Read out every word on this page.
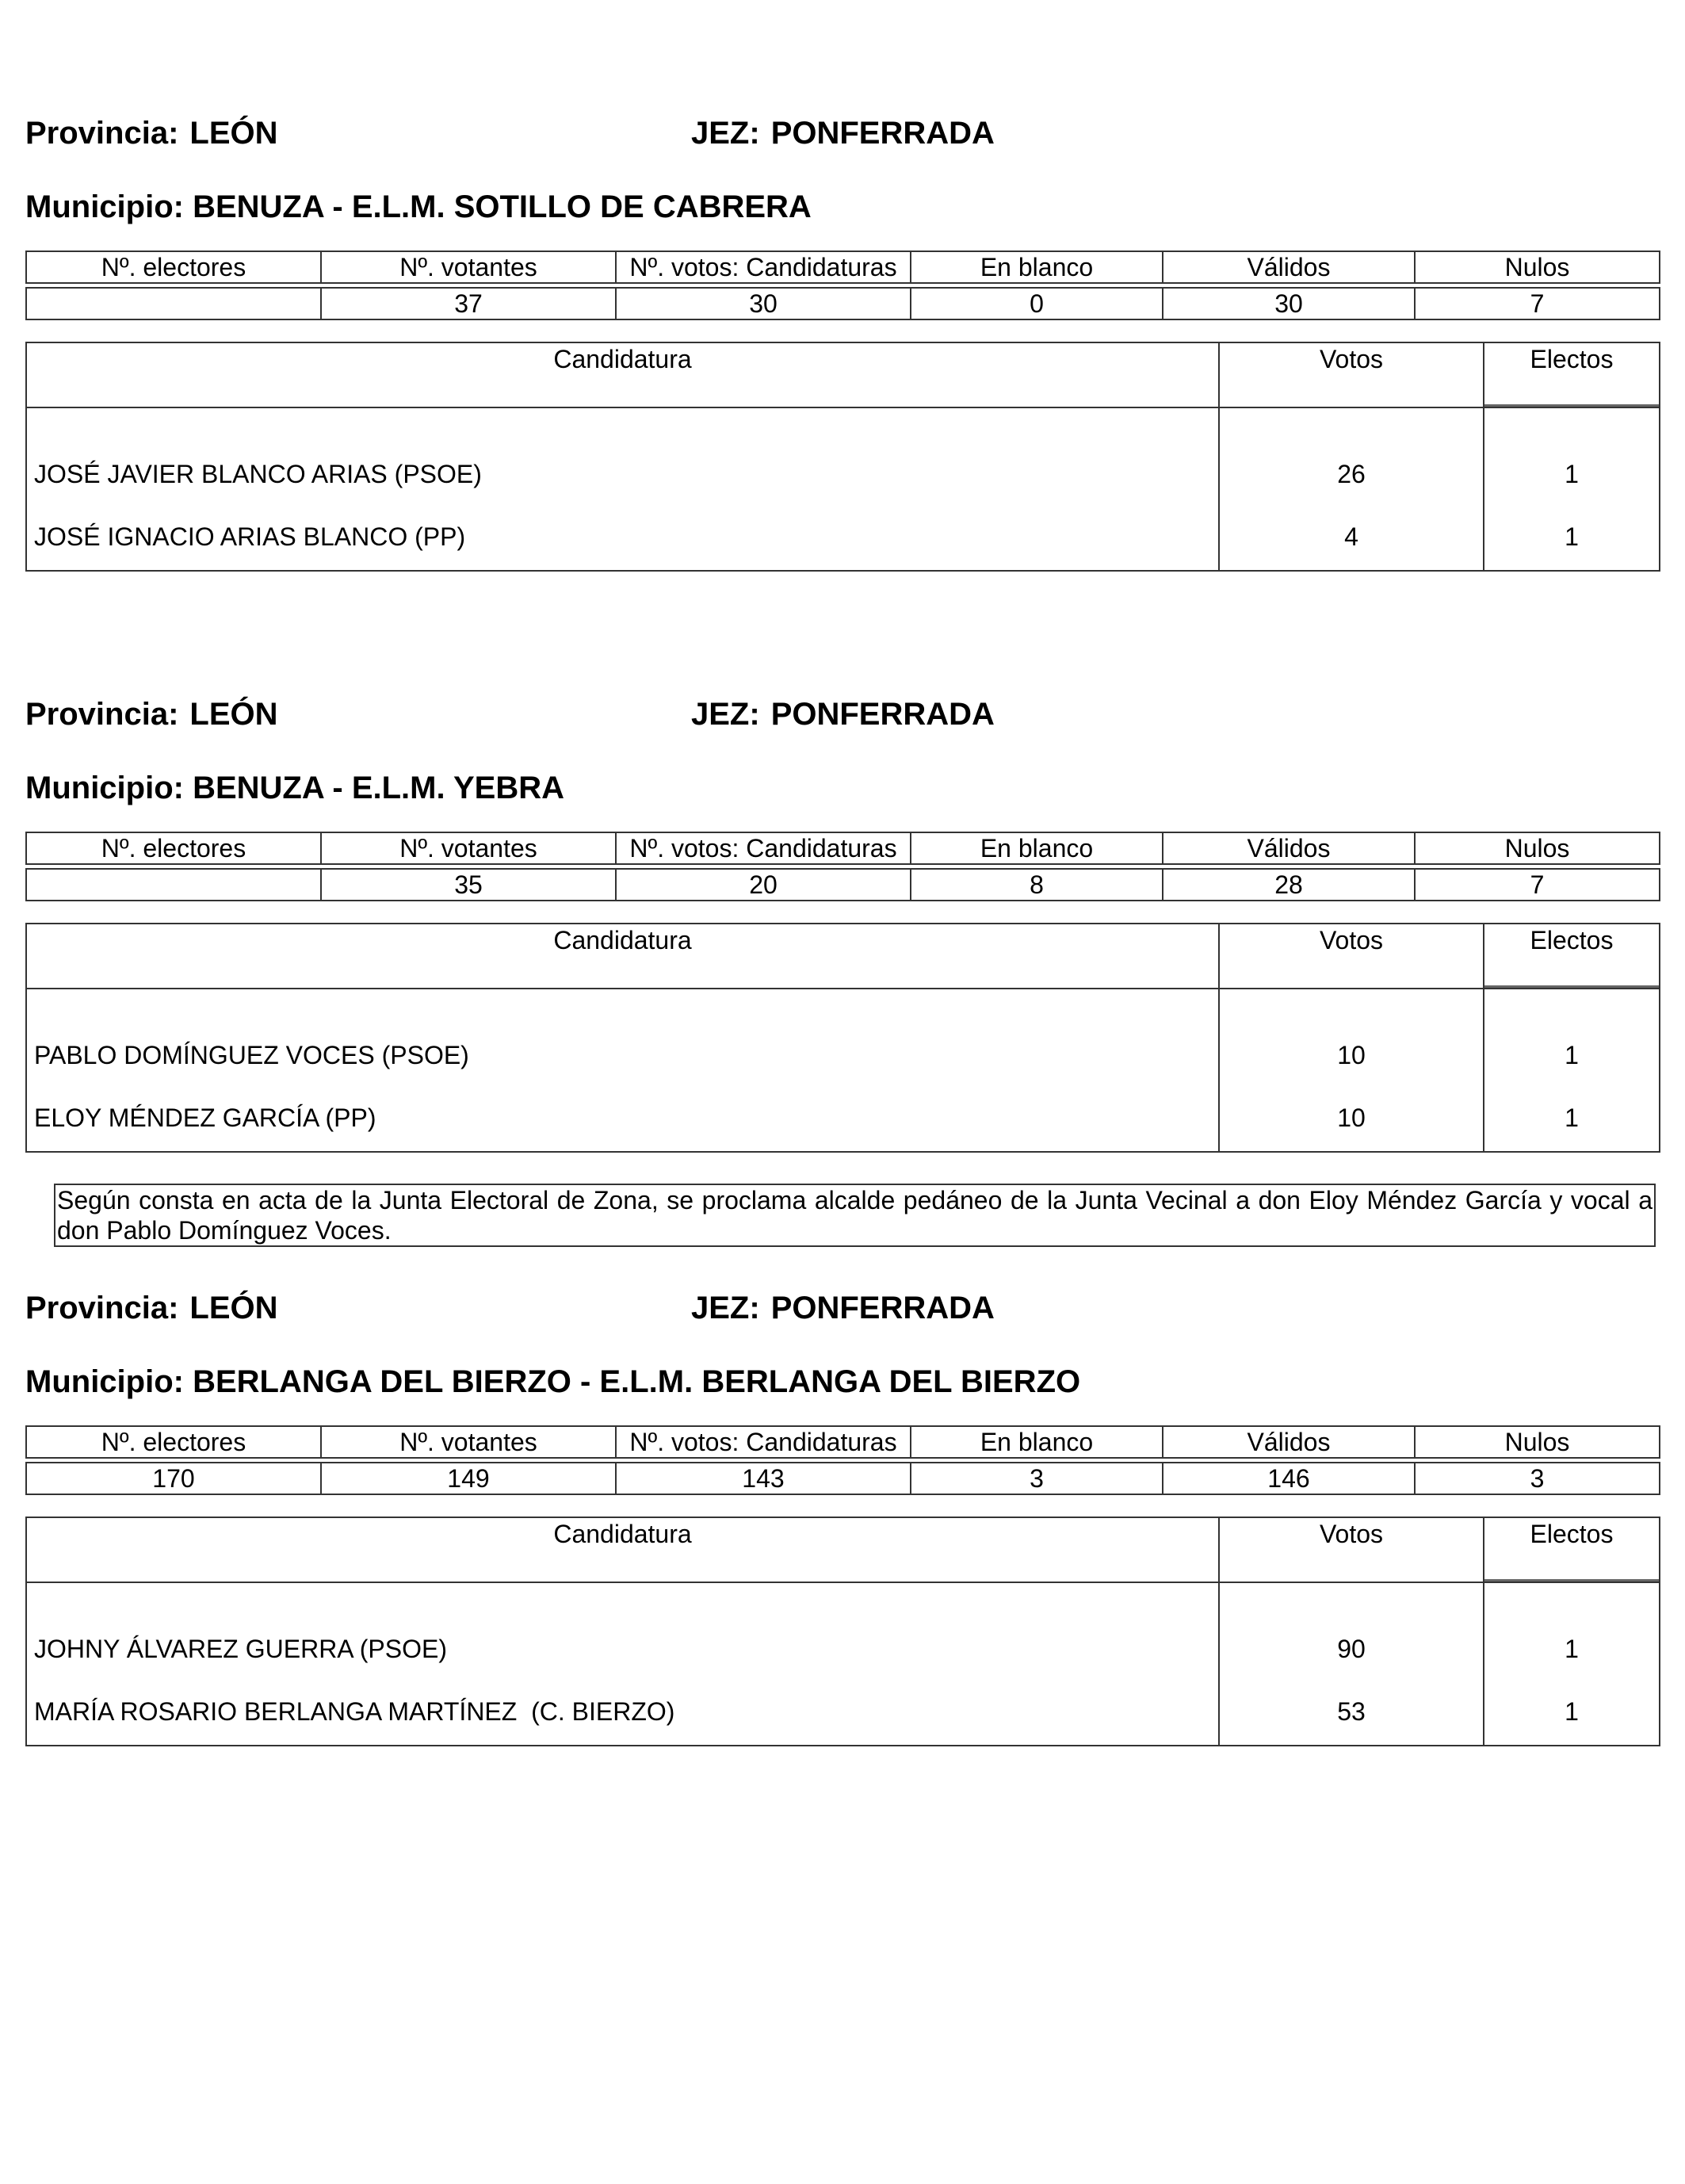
Provincia: LEÓN	JEZ: PONFERRADA
Municipio: BENUZA - E.L.M. SOTILLO DE CABRERA
Nº. electores	Nº. votantes	Nº. votos: Candidaturas	En blanco	Válidos	Nulos

	37	30	0	30	7
Candidatura	Votos	Electos
JOSÉ JAVIER BLANCO ARIAS (PSOE)	26	1
JOSÉ IGNACIO ARIAS BLANCO (PP)	4	1
Provincia: LEÓN	JEZ: PONFERRADA
Municipio: BENUZA - E.L.M. YEBRA
Nº. electores	Nº. votantes	Nº. votos: Candidaturas	En blanco	Válidos	Nulos

	35	20	8	28	7
Candidatura	Votos	Electos
PABLO DOMÍNGUEZ VOCES (PSOE)	10	1
ELOY MÉNDEZ GARCÍA (PP)	10	1
Según consta en acta de la Junta Electoral de Zona, se proclama alcalde pedáneo de la Junta Vecinal a don Eloy Méndez García y vocal a don Pablo Domínguez Voces.
Provincia: LEÓN	JEZ: PONFERRADA
Municipio: BERLANGA DEL BIERZO - E.L.M. BERLANGA DEL BIERZO
Nº. electores	Nº. votantes	Nº. votos: Candidaturas	En blanco	Válidos	Nulos

170	149	143	3	146	3
Candidatura	Votos	Electos
JOHNY ÁLVAREZ GUERRA (PSOE)	90	1
MARÍA ROSARIO BERLANGA MARTÍNEZ  (C. BIERZO)	53	1
